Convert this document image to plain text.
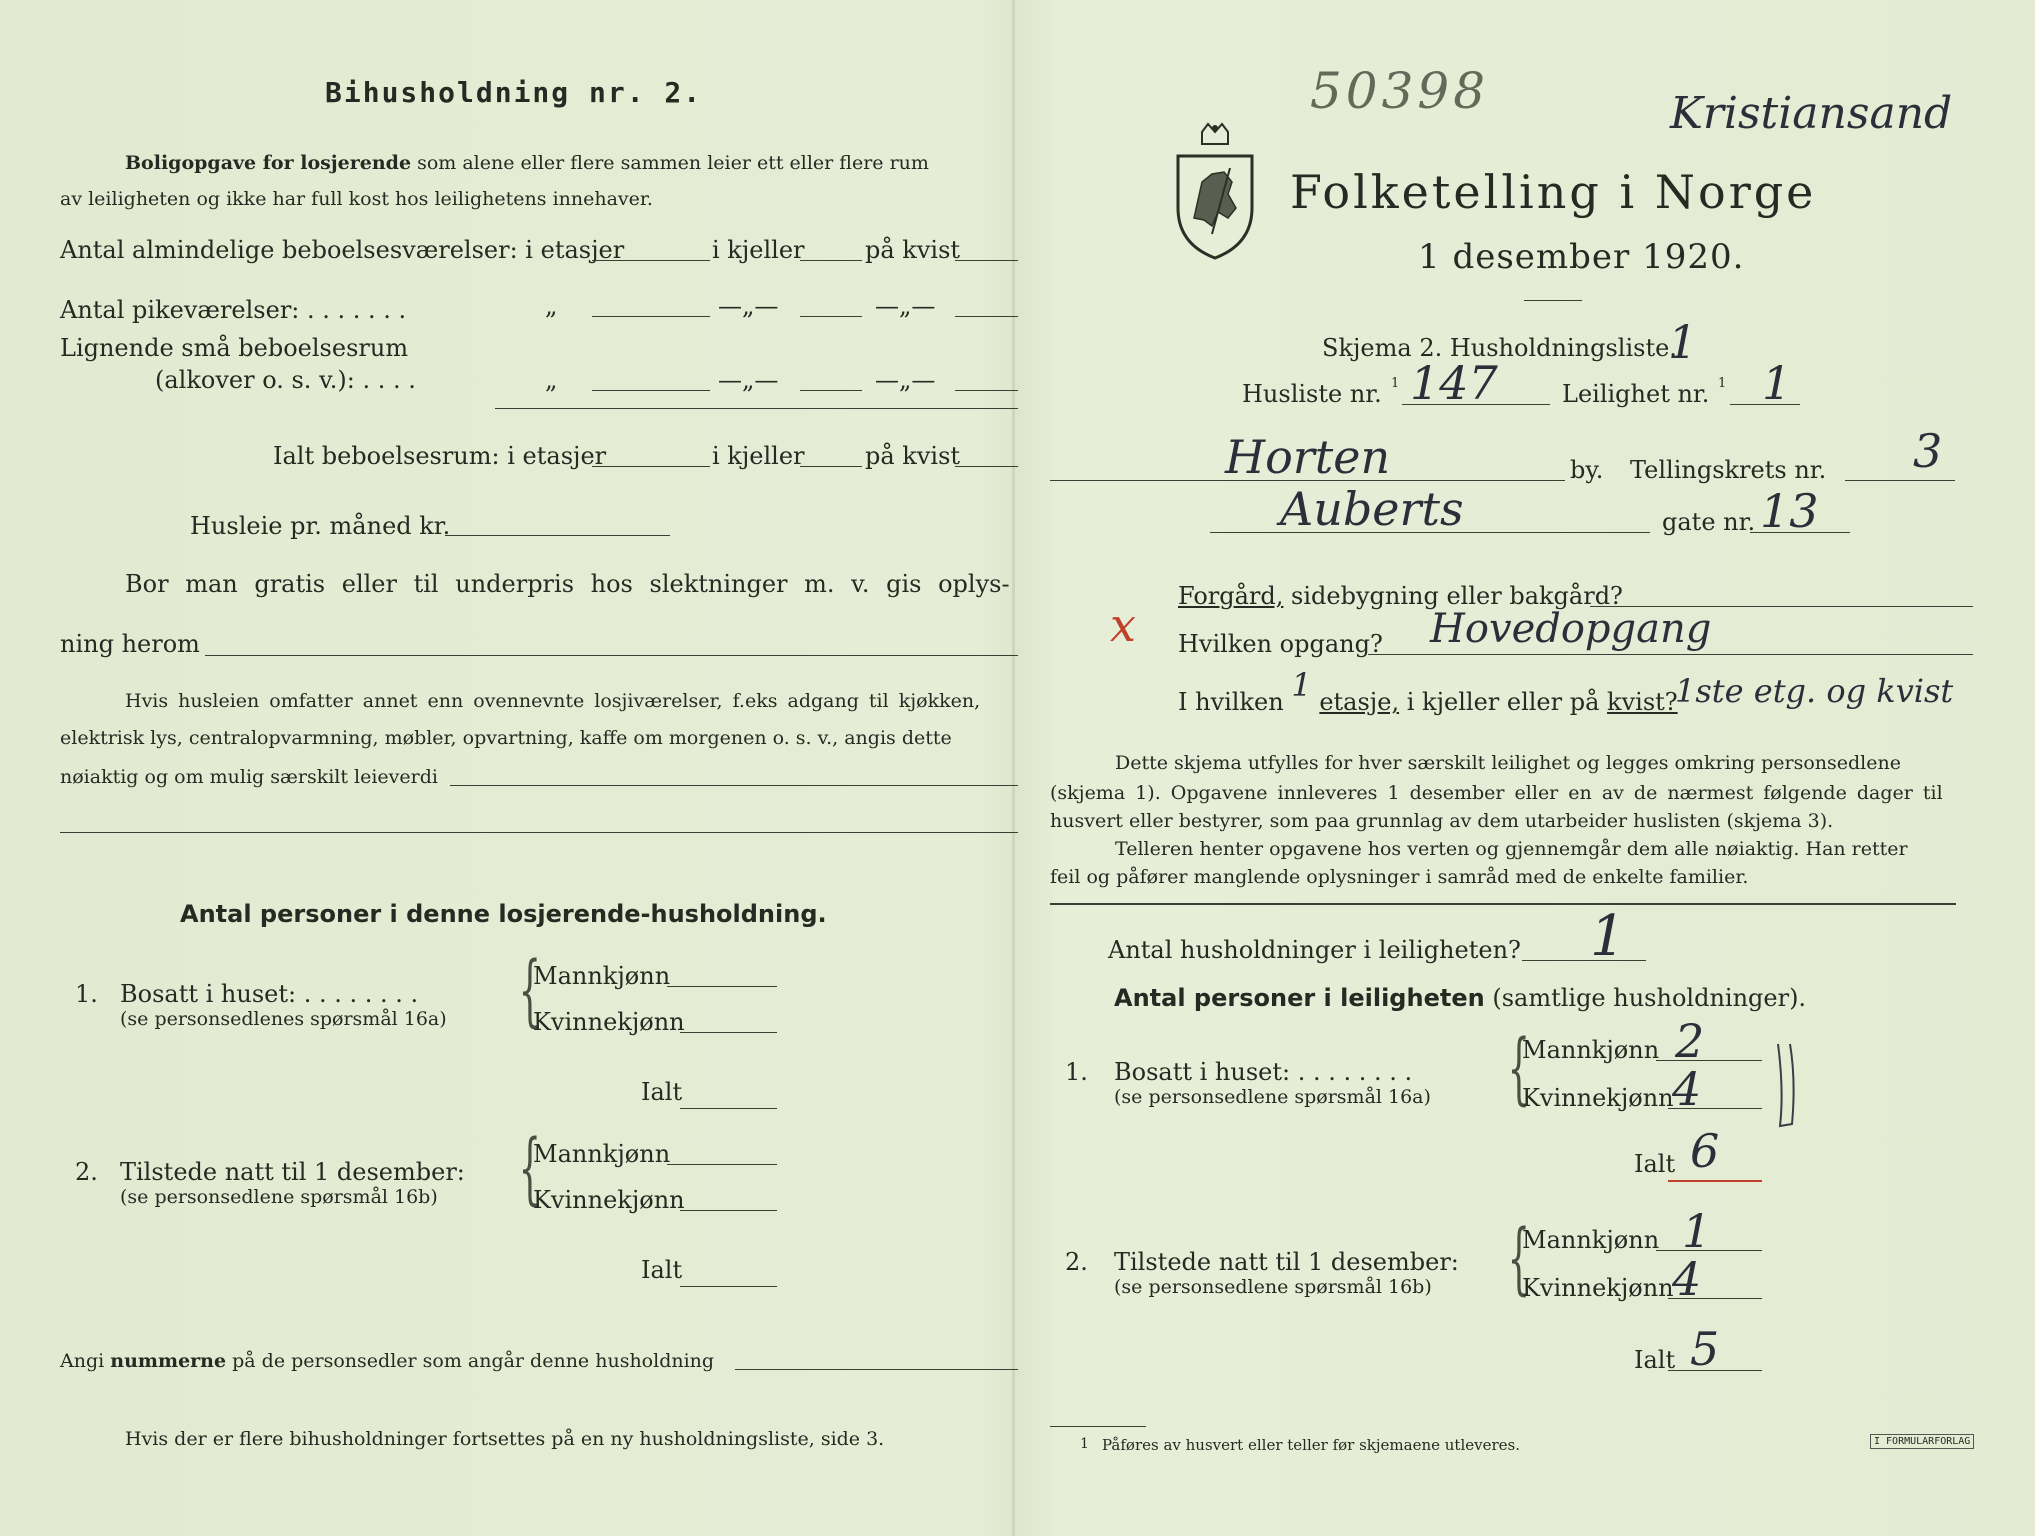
Bihusholdning nr. 2.
Boligopgave for losjerende som alene eller flere sammen leier ett eller flere rum
av leiligheten og ikke har full kost hos leilighetens innehaver.
Antal almindelige beboelsesværelser: i etasjer	i kjeller	på kvist
Antal pikeværelser: . . . . . . .	„	—„—	—„—
Lignende små beboelsesrum
(alkover o. s. v.): . . . .	„	—„—	—„—
Ialt beboelsesrum: i etasjer	i kjeller	på kvist
Husleie pr. måned kr.
Bor man gratis eller til underpris hos slektninger m. v. gis oplys-
ning herom
Hvis husleien omfatter annet enn ovennevnte losjiværelser, f.eks adgang til kjøkken,
elektrisk lys, centralopvarmning, møbler, opvartning, kaffe om morgenen o. s. v., angis dette
nøiaktig og om mulig særskilt leieverdi
Antal personer i denne losjerende-husholdning.
1. Bosatt i huset: . . . . . . . .
(se personsedlenes spørsmål 16a) {
Mannkjønn
Kvinnekjønn
Ialt
2. Tilstede natt til 1 desember:
(se personsedlene spørsmål 16b) {
Mannkjønn
Kvinnekjønn
Ialt
Angi nummerne på de personsedler som angår denne husholdning
Hvis der er flere bihusholdninger fortsettes på en ny husholdningsliste, side 3.
50398	Kristiansand
Folketelling i Norge
1 desember 1920.
Skjema 2. Husholdningsliste.
1
Husliste nr. 1 147	Leilighet nr. 1 1
Horten	by. Tellingskrets nr. 3
Auberts	gate nr. 13
x
Forgård, sidebygning eller bakgård?
Hvilken opgang? Hovedopgang
I hvilken 1 etasje, i kjeller eller på kvist?
1ste etg. og kvist
Dette skjema utfylles for hver særskilt leilighet og legges omkring personsedlene
(skjema 1). Opgavene innleveres 1 desember eller en av de nærmest følgende dager til
husvert eller bestyrer, som paa grunnlag av dem utarbeider huslisten (skjema 3).
Telleren henter opgavene hos verten og gjennemgår dem alle nøiaktig. Han retter
feil og påfører manglende oplysninger i samråd med de enkelte familier.
Antal husholdninger i leiligheten? 1
Antal personer i leiligheten (samtlige husholdninger).
1. Bosatt i huset: . . . . . . . .
(se personsedlene spørsmål 16a) {
Mannkjønn 2
Kvinnekjønn
4
Ialt 6
2. Tilstede natt til 1 desember:
(se personsedlene spørsmål 16b) {
Mannkjønn 1
Kvinnekjønn
4
Ialt 5
1 Påføres av husvert eller teller før skjemaene utleveres.	I FORMULARFORLAG
